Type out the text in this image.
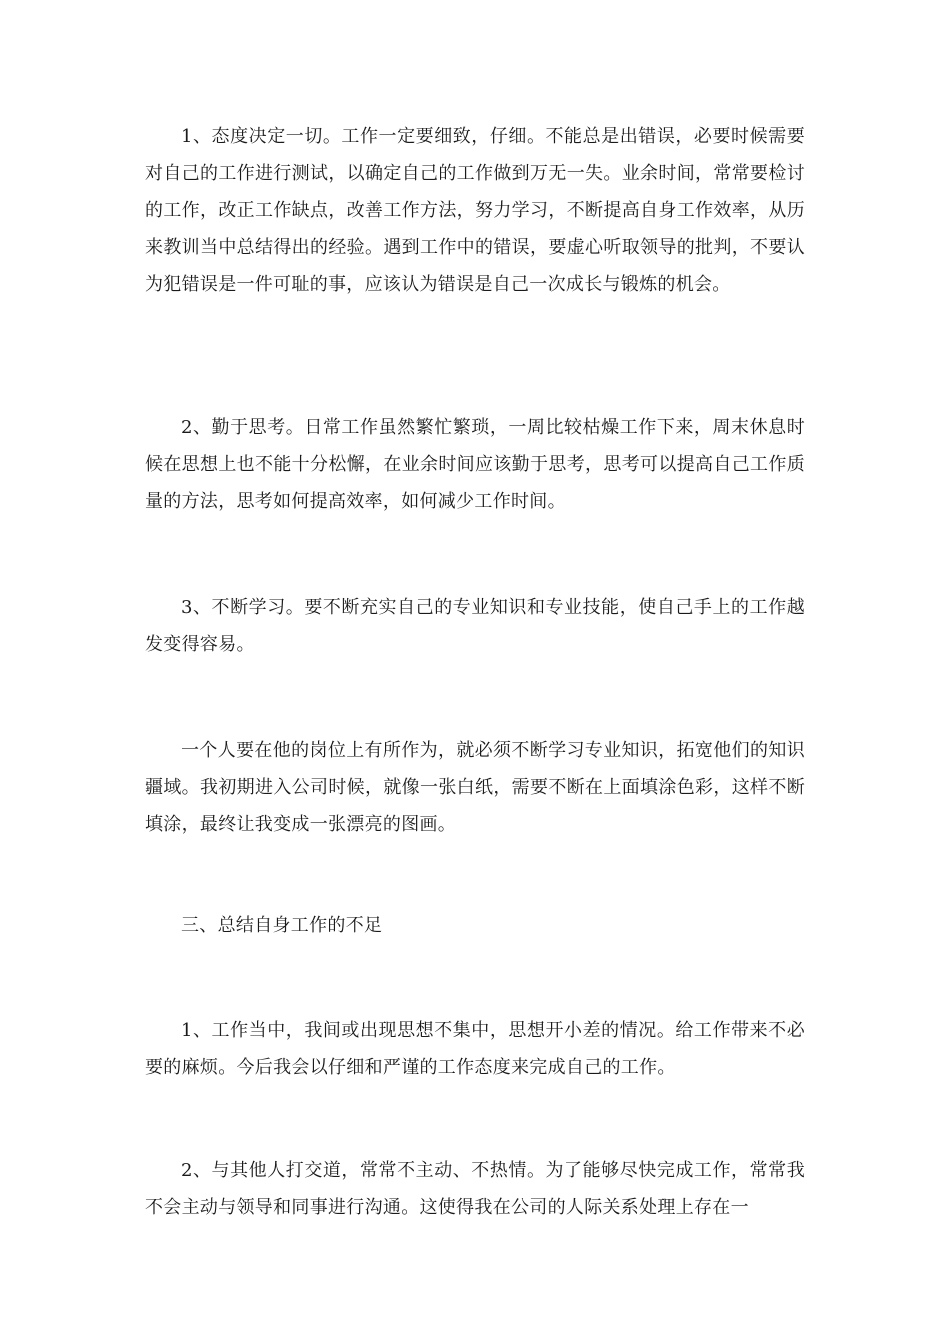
1、态度决定一切。工作一定要细致，仔细。不能总是出错误，必要时候需要对自己的工作进行测试，以确定自己的工作做到万无一失。业余时间，常常要检讨的工作，改正工作缺点，改善工作方法，努力学习，不断提高自身工作效率，从历来教训当中总结得出的经验。遇到工作中的错误，要虚心听取领导的批判，不要认为犯错误是一件可耻的事，应该认为错误是自己一次成长与锻炼的机会。

2、勤于思考。日常工作虽然繁忙繁琐，一周比较枯燥工作下来，周末休息时候在思想上也不能十分松懈，在业余时间应该勤于思考，思考可以提高自己工作质量的方法，思考如何提高效率，如何减少工作时间。

3、不断学习。要不断充实自己的专业知识和专业技能，使自己手上的工作越发变得容易。

一个人要在他的岗位上有所作为，就必须不断学习专业知识，拓宽他们的知识疆域。我初期进入公司时候，就像一张白纸，需要不断在上面填涂色彩，这样不断填涂，最终让我变成一张漂亮的图画。

三、总结自身工作的不足

1、工作当中，我间或出现思想不集中，思想开小差的情况。给工作带来不必要的麻烦。今后我会以仔细和严谨的工作态度来完成自己的工作。

2、与其他人打交道，常常不主动、不热情。为了能够尽快完成工作，常常我不会主动与领导和同事进行沟通。这使得我在公司的人际关系处理上存在一
